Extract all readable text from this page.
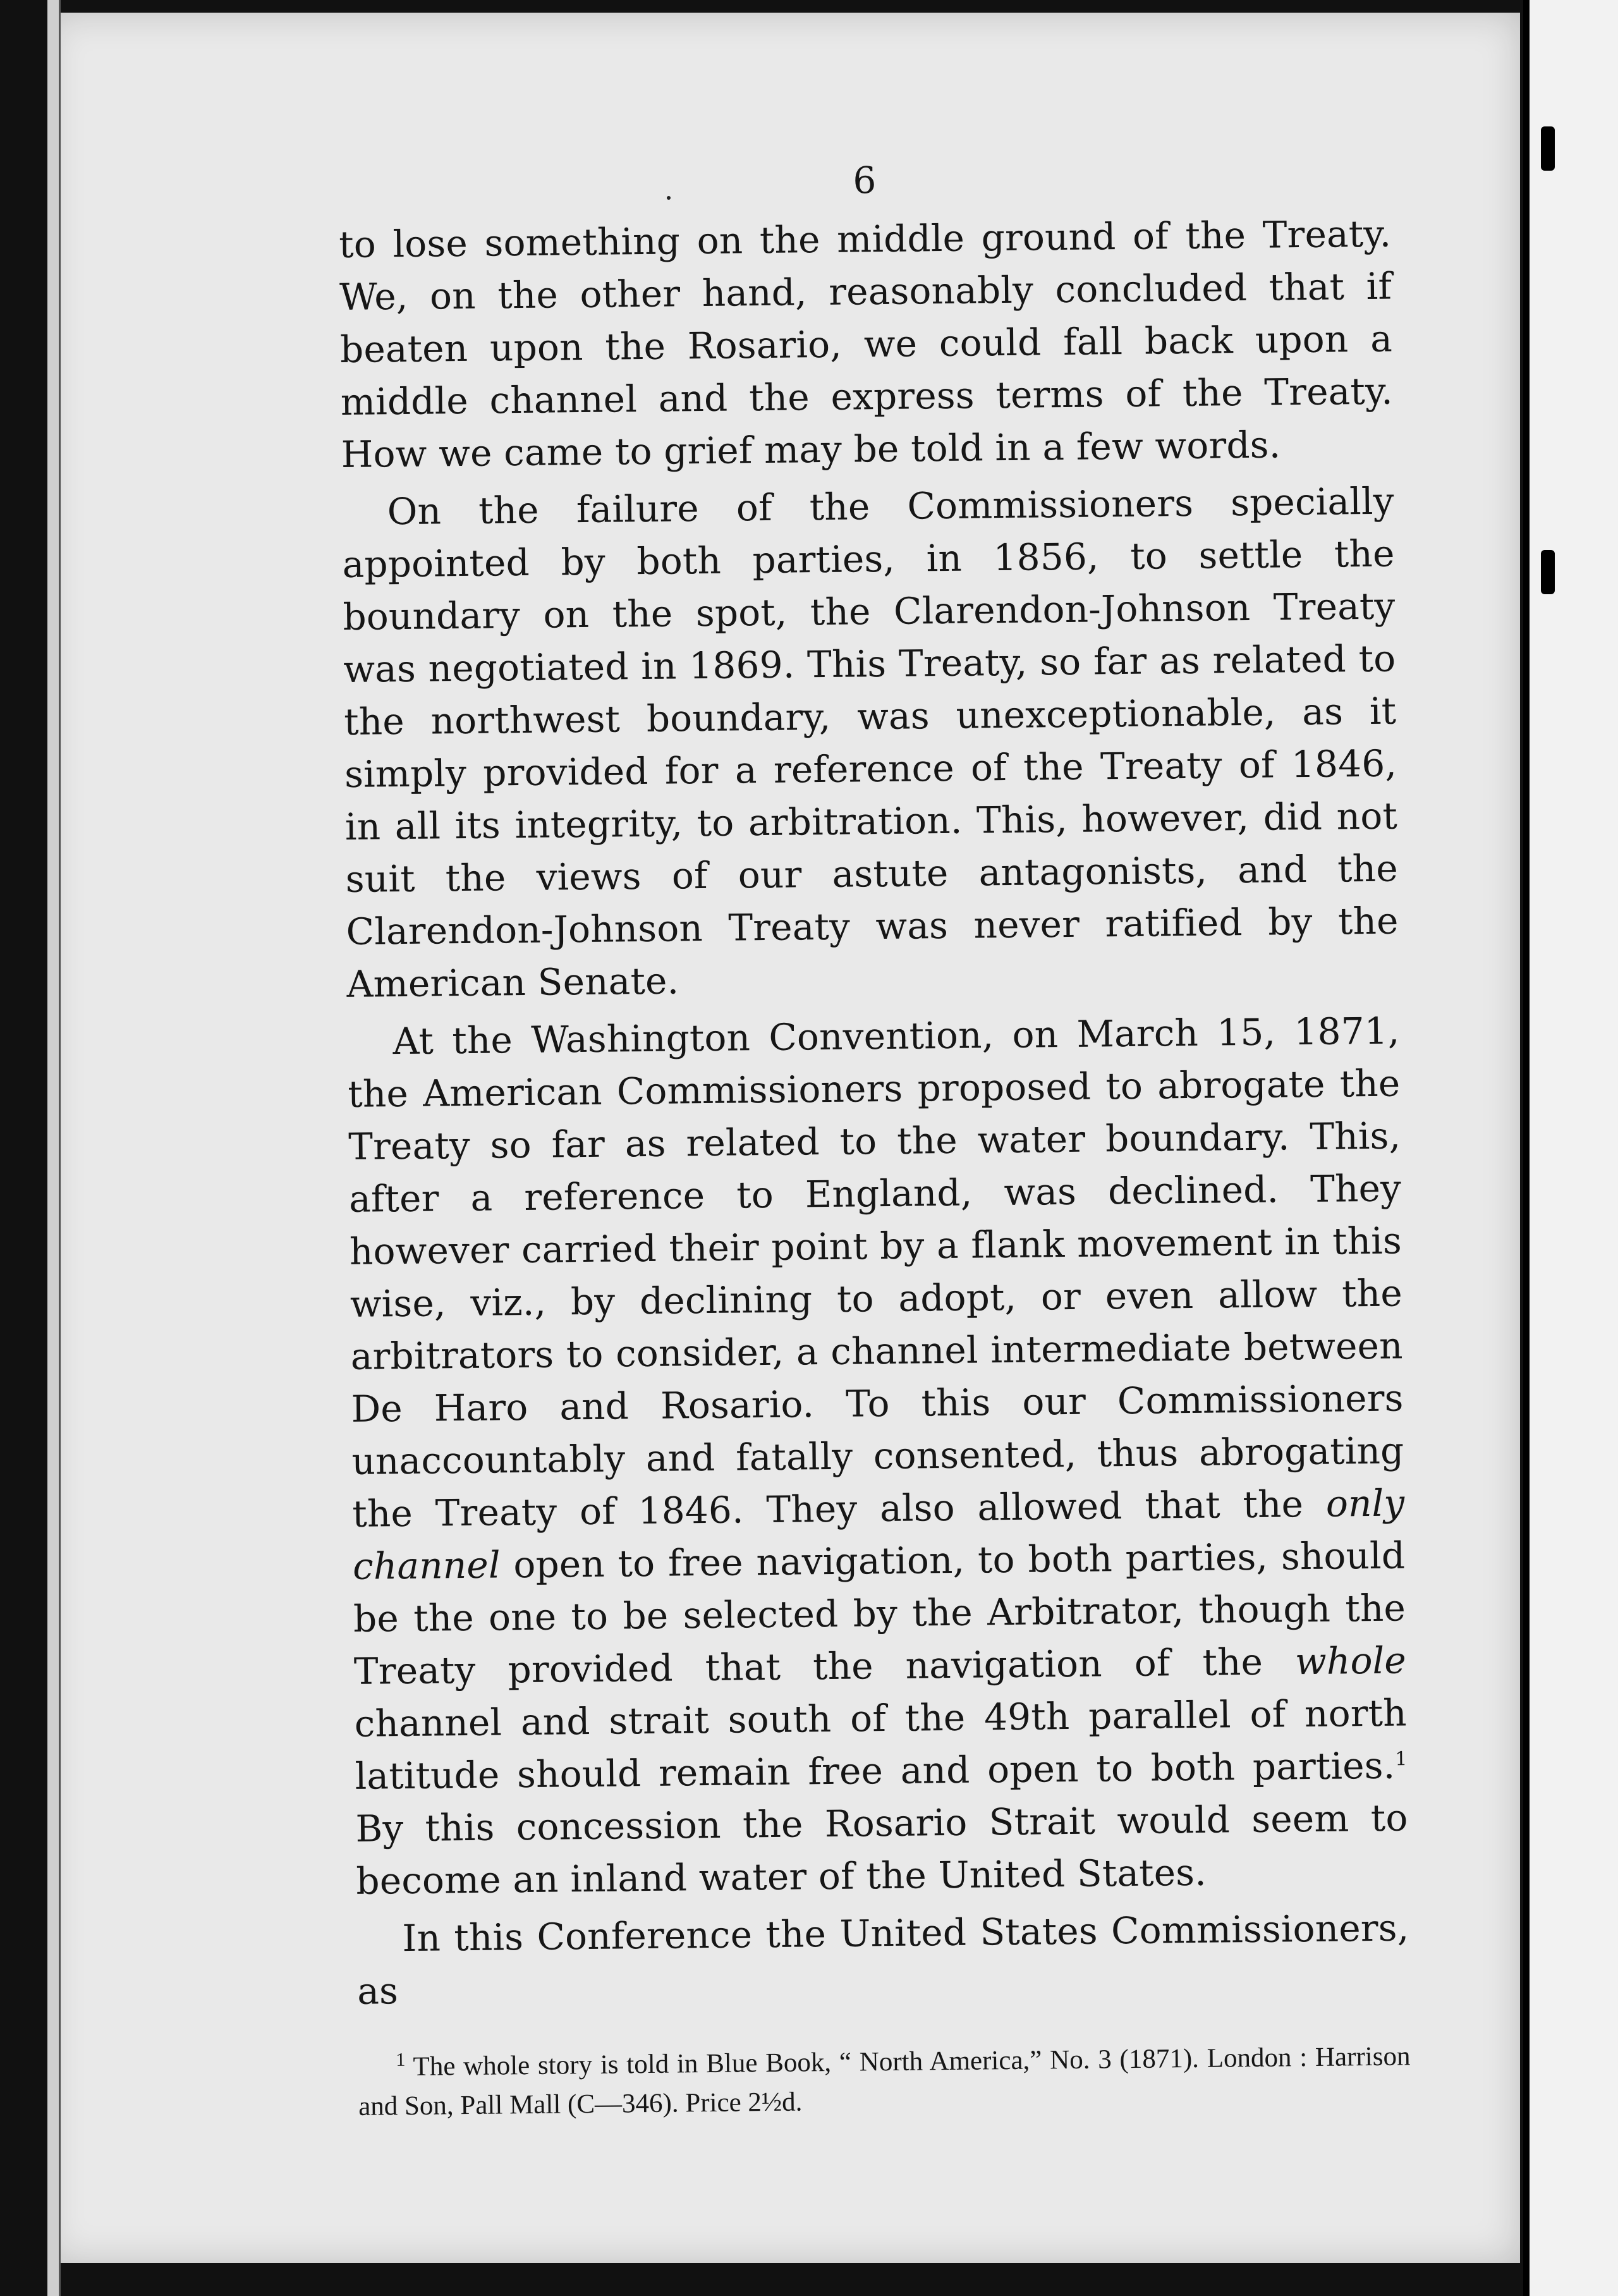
6

to lose something on the middle ground of the Treaty. We, on the other hand, reasonably concluded that if beaten upon the Rosario, we could fall back upon a middle channel and the express terms of the Treaty. How we came to grief may be told in a few words.

On the failure of the Commissioners specially appointed by both parties, in 1856, to settle the boundary on the spot, the Clarendon-Johnson Treaty was negotiated in 1869. This Treaty, so far as related to the northwest boundary, was unexceptionable, as it simply provided for a reference of the Treaty of 1846, in all its integrity, to arbitration. This, however, did not suit the views of our astute antagonists, and the Clarendon-Johnson Treaty was never ratified by the American Senate.

At the Washington Convention, on March 15, 1871, the American Commissioners proposed to abrogate the Treaty so far as related to the water boundary. This, after a reference to England, was declined. They however carried their point by a flank movement in this wise, viz., by declining to adopt, or even allow the arbitrators to consider, a channel intermediate between De Haro and Rosario. To this our Commissioners unaccountably and fatally consented, thus abrogating the Treaty of 1846. They also allowed that the only channel open to free navigation, to both parties, should be the one to be selected by the Arbitrator, though the Treaty provided that the navigation of the whole channel and strait south of the 49th parallel of north latitude should remain free and open to both parties.$^1$ By this concession the Rosario Strait would seem to become an inland water of the United States.

In this Conference the United States Commissioners, as

$^1$ The whole story is told in Blue Book, “ North America,” No. 3 (1871). London : Harrison and Son, Pall Mall (C—346). Price 2½d.
